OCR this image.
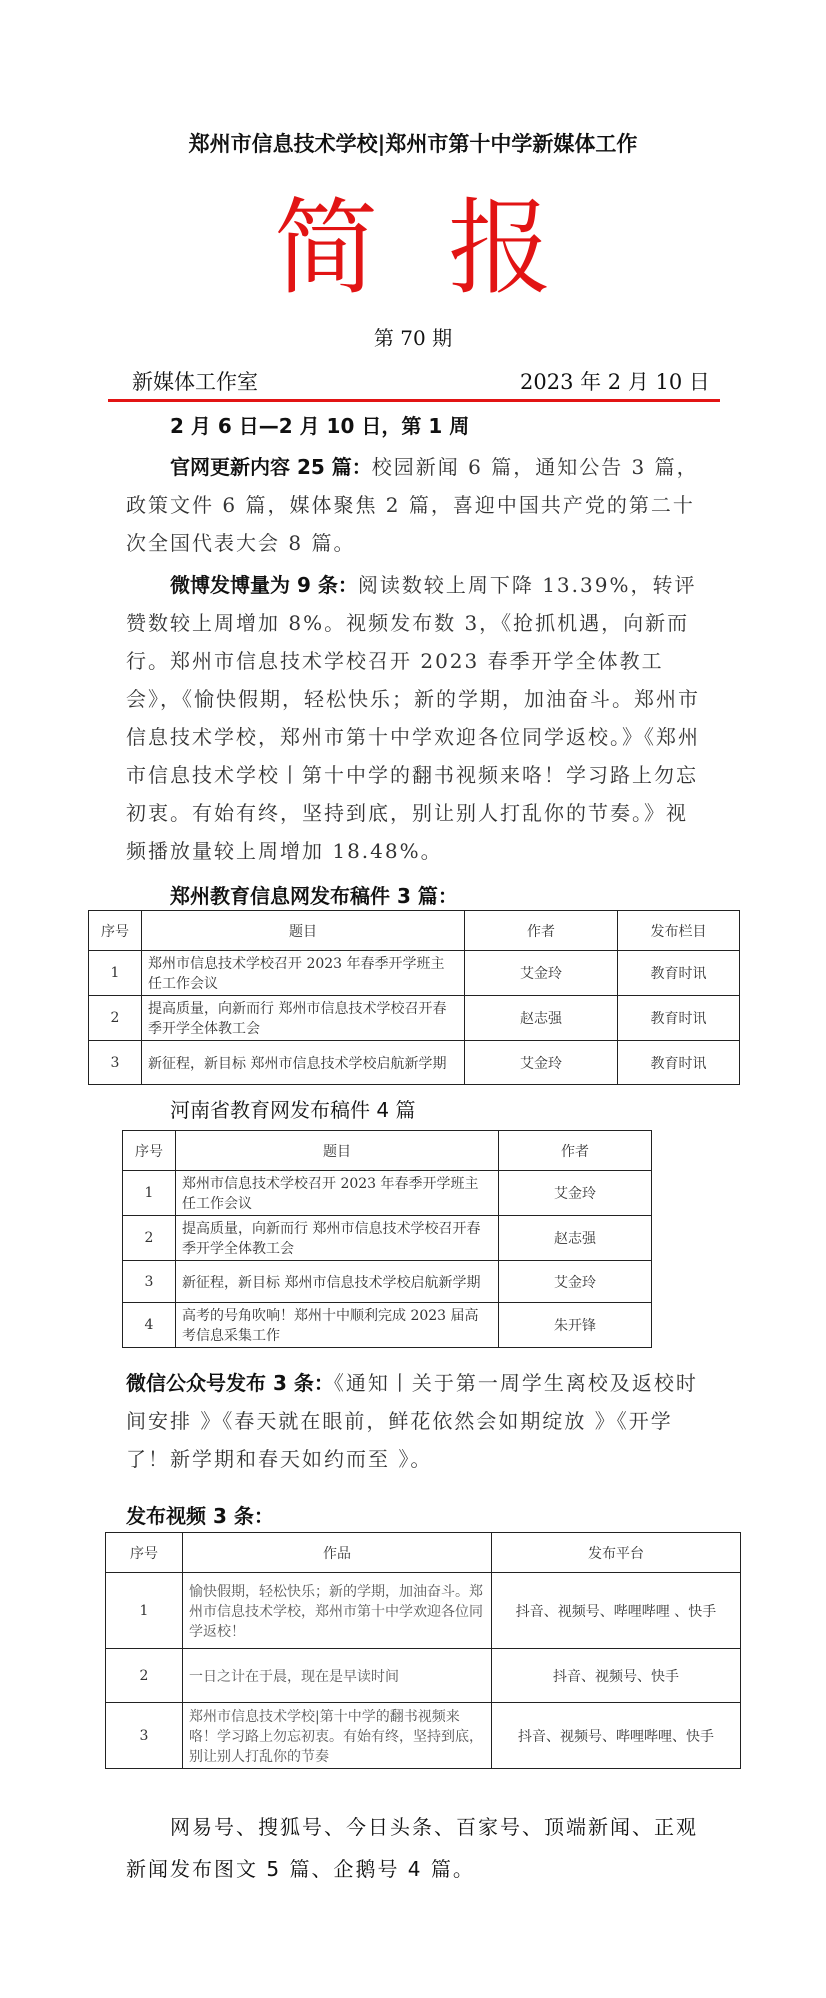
郑州市信息技术学校|郑州市第十中学新媒体工作
简报
第 70 期
新媒体工作室	2023 年 2 月 10 日
2 月 6 日—2 月 10 日，第 1 周
官网更新内容 25 篇：校园新闻 6 篇，通知公告 3 篇，政策文件 6 篇，媒体聚焦 2 篇，喜迎中国共产党的第二十次全国代表大会 8 篇。
微博发博量为 9 条：阅读数较上周下降 13.39%，转评赞数较上周增加 8%。视频发布数 3，《抢抓机遇，向新而行。郑州市信息技术学校召开 2023 春季开学全体教工会》，《愉快假期，轻松快乐；新的学期，加油奋斗。郑州市信息技术学校，郑州市第十中学欢迎各位同学返校。》《郑州市信息技术学校丨第十中学的翻书视频来咯！学习路上勿忘初衷。有始有终，坚持到底，别让别人打乱你的节奏。》视频播放量较上周增加 18.48%。
郑州教育信息网发布稿件 3 篇：
序号	题目	作者	发布栏目
1	郑州市信息技术学校召开 2023 年春季开学班主任工作会议	艾金玲	教育时讯
2	提高质量，向新而行 郑州市信息技术学校召开春季开学全体教工会	赵志强	教育时讯
3	新征程，新目标 郑州市信息技术学校启航新学期	艾金玲	教育时讯
河南省教育网发布稿件 4 篇
序号	题目	作者
1	郑州市信息技术学校召开 2023 年春季开学班主任工作会议	艾金玲
2	提高质量，向新而行 郑州市信息技术学校召开春季开学全体教工会	赵志强
3	新征程，新目标 郑州市信息技术学校启航新学期	艾金玲
4	高考的号角吹响！郑州十中顺利完成 2023 届高考信息采集工作	朱开锋
微信公众号发布 3 条：《通知丨关于第一周学生离校及返校时间安排 》《春天就在眼前，鲜花依然会如期绽放 》《开学了！新学期和春天如约而至 》。
发布视频 3 条：
序号	作品	发布平台
1	愉快假期，轻松快乐；新的学期，加油奋斗。郑州市信息技术学校，郑州市第十中学欢迎各位同学返校！	抖音、视频号、哔哩哔哩 、快手
2	一日之计在于晨，现在是早读时间	抖音、视频号、快手
3	郑州市信息技术学校|第十中学的翻书视频来咯！学习路上勿忘初衷。有始有终，坚持到底，别让别人打乱你的节奏	抖音、视频号、哔哩哔哩、快手
网易号、搜狐号、今日头条、百家号、顶端新闻、正观新闻发布图文 5 篇、企鹅号 4 篇。
